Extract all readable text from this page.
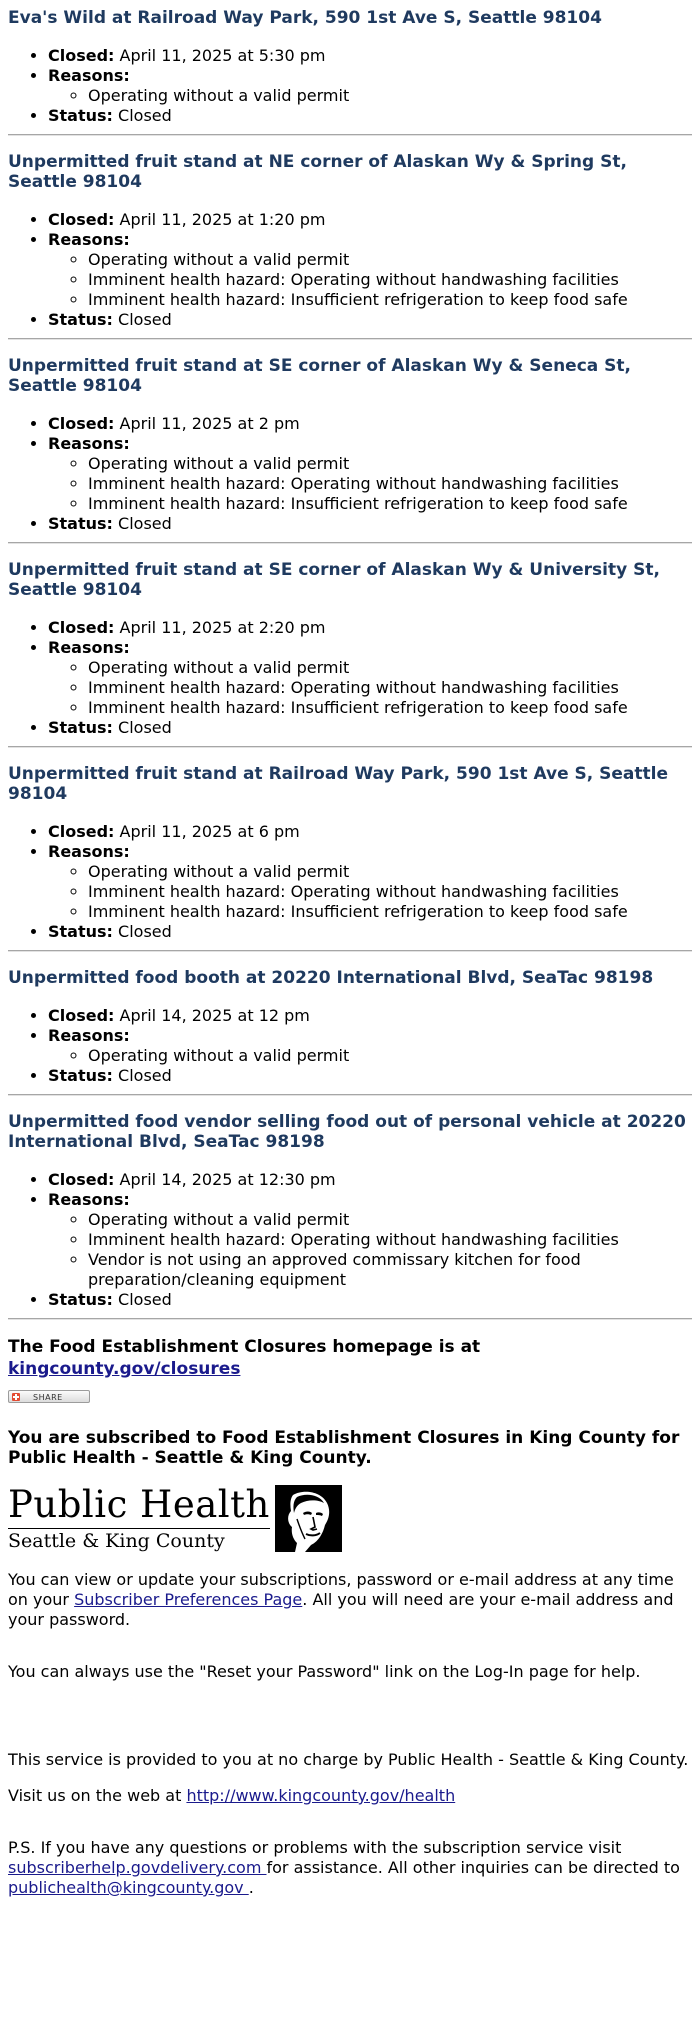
Eva's Wild at Railroad Way Park, 590 1st Ave S, Seattle 98104
• Closed: April 11, 2025 at 5:30 pm
• Reasons:
◦ Operating without a valid permit
• Status: Closed
Unpermitted fruit stand at NE corner of Alaskan Wy & Spring St, Seattle 98104
• Closed: April 11, 2025 at 1:20 pm
• Reasons:
◦ Operating without a valid permit
◦ Imminent health hazard: Operating without handwashing facilities
◦ Imminent health hazard: Insufficient refrigeration to keep food safe
• Status: Closed
Unpermitted fruit stand at SE corner of Alaskan Wy & Seneca St, Seattle 98104
• Closed: April 11, 2025 at 2 pm
• Reasons:
◦ Operating without a valid permit
◦ Imminent health hazard: Operating without handwashing facilities
◦ Imminent health hazard: Insufficient refrigeration to keep food safe
• Status: Closed
Unpermitted fruit stand at SE corner of Alaskan Wy & University St, Seattle 98104
• Closed: April 11, 2025 at 2:20 pm
• Reasons:
◦ Operating without a valid permit
◦ Imminent health hazard: Operating without handwashing facilities
◦ Imminent health hazard: Insufficient refrigeration to keep food safe
• Status: Closed
Unpermitted fruit stand at Railroad Way Park, 590 1st Ave S, Seattle 98104
• Closed: April 11, 2025 at 6 pm
• Reasons:
◦ Operating without a valid permit
◦ Imminent health hazard: Operating without handwashing facilities
◦ Imminent health hazard: Insufficient refrigeration to keep food safe
• Status: Closed
Unpermitted food booth at 20220 International Blvd, SeaTac 98198
• Closed: April 14, 2025 at 12 pm
• Reasons:
◦ Operating without a valid permit
• Status: Closed
Unpermitted food vendor selling food out of personal vehicle at 20220 International Blvd, SeaTac 98198
• Closed: April 14, 2025 at 12:30 pm
• Reasons:
◦ Operating without a valid permit
◦ Imminent health hazard: Operating without handwashing facilities
◦ Vendor is not using an approved commissary kitchen for food preparation/cleaning equipment
• Status: Closed

The Food Establishment Closures homepage is at kingcounty.gov/closures

SHARE

You are subscribed to Food Establishment Closures in King County for Public Health - Seattle & King County.

Public Health
Seattle & King County

You can view or update your subscriptions, password or e-mail address at any time on your Subscriber Preferences Page. All you will need are your e-mail address and your password.

You can always use the "Reset your Password" link on the Log-In page for help.

This service is provided to you at no charge by Public Health - Seattle & King County.

Visit us on the web at http://www.kingcounty.gov/health

P.S. If you have any questions or problems with the subscription service visit subscriberhelp.govdelivery.com for assistance. All other inquiries can be directed to publichealth@kingcounty.gov .
